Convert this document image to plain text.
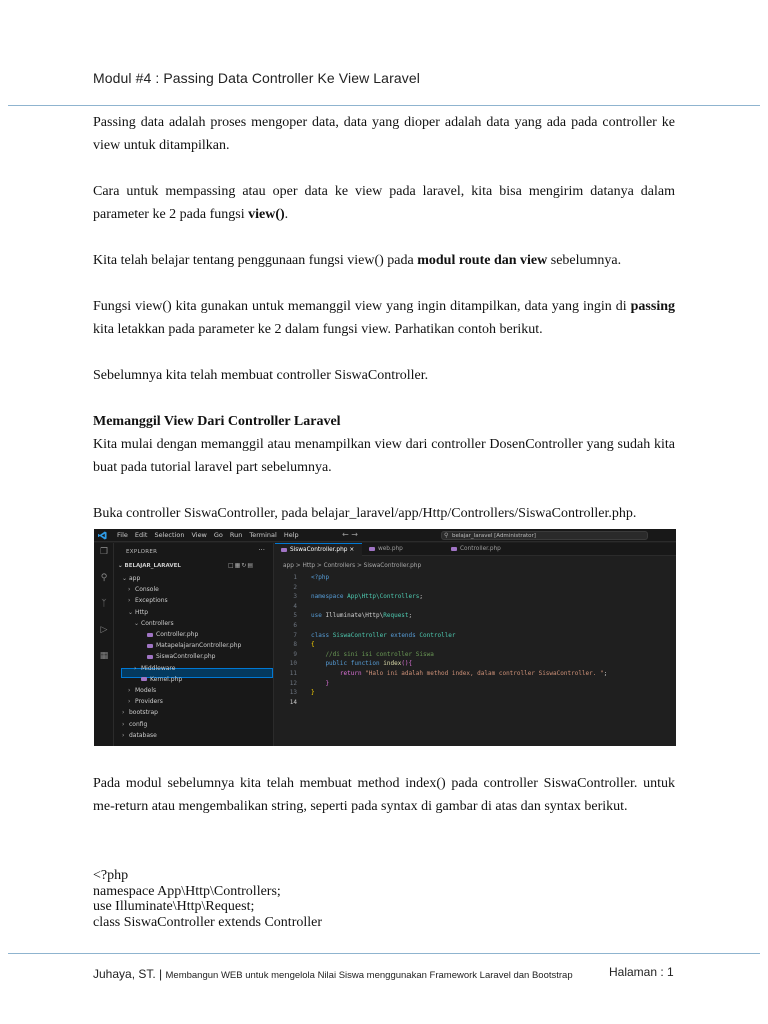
Modul #4 : Passing Data Controller Ke View Laravel
Passing data adalah proses mengoper data, data yang dioper adalah data yang ada pada controller ke view untuk ditampilkan.
Cara untuk mempassing atau oper data ke view pada laravel, kita bisa mengirim datanya dalam parameter ke 2 pada fungsi view().
Kita telah belajar tentang penggunaan fungsi view() pada modul route dan view sebelumnya.
Fungsi view() kita gunakan untuk memanggil view yang ingin ditampilkan, data yang ingin di passing kita letakkan pada parameter ke 2 dalam fungsi view. Parhatikan contoh berikut.
Sebelumnya kita telah membuat controller SiswaController.
Memanggil View Dari Controller Laravel
Kita mulai dengan memanggil atau menampilkan view dari controller DosenController yang sudah kita buat pada tutorial laravel part sebelumnya.
Buka controller SiswaController, pada belajar_laravel/app/Http/Controllers/SiswaController.php.
File Edit Selection View Go Run Terminal Help	← →	⚲ belajar_laravel [Administrator]
❐
⚲
ᛉ
▷
▦
EXPLORER	···
⌄ BELAJAR_LARAVEL	□▦↻▤
⌄ app
› Console
› Exceptions
⌄ Http
⌄ Controllers
Controller.php
MatapelajaranController.php
SiswaController.php
› Middleware
Kernel.php
› Models
› Providers
› bootstrap
› config
› database
SiswaController.php ×	web.php	Controller.php
app > Http > Controllers > SiswaController.php
1 <?php
2
3 namespace App\Http\Controllers;
4
5 use Illuminate\Http\Request;
6
7 class SiswaController extends Controller
8 {
9    //di sini isi controller Siswa
10    public function index(){
11        return "Halo ini adalah method index, dalam controller SiswaController. ";
12    }
13 }
14
Pada modul sebelumnya kita telah membuat method index() pada controller SiswaController. untuk me-return atau mengembalikan string, seperti pada syntax di gambar di atas dan syntax berikut.
<?php
namespace App\Http\Controllers;
use Illuminate\Http\Request;
class SiswaController extends Controller
Juhaya, ST. | Membangun WEB untuk mengelola Nilai Siswa menggunakan Framework Laravel dan Bootstrap	Halaman : 1
